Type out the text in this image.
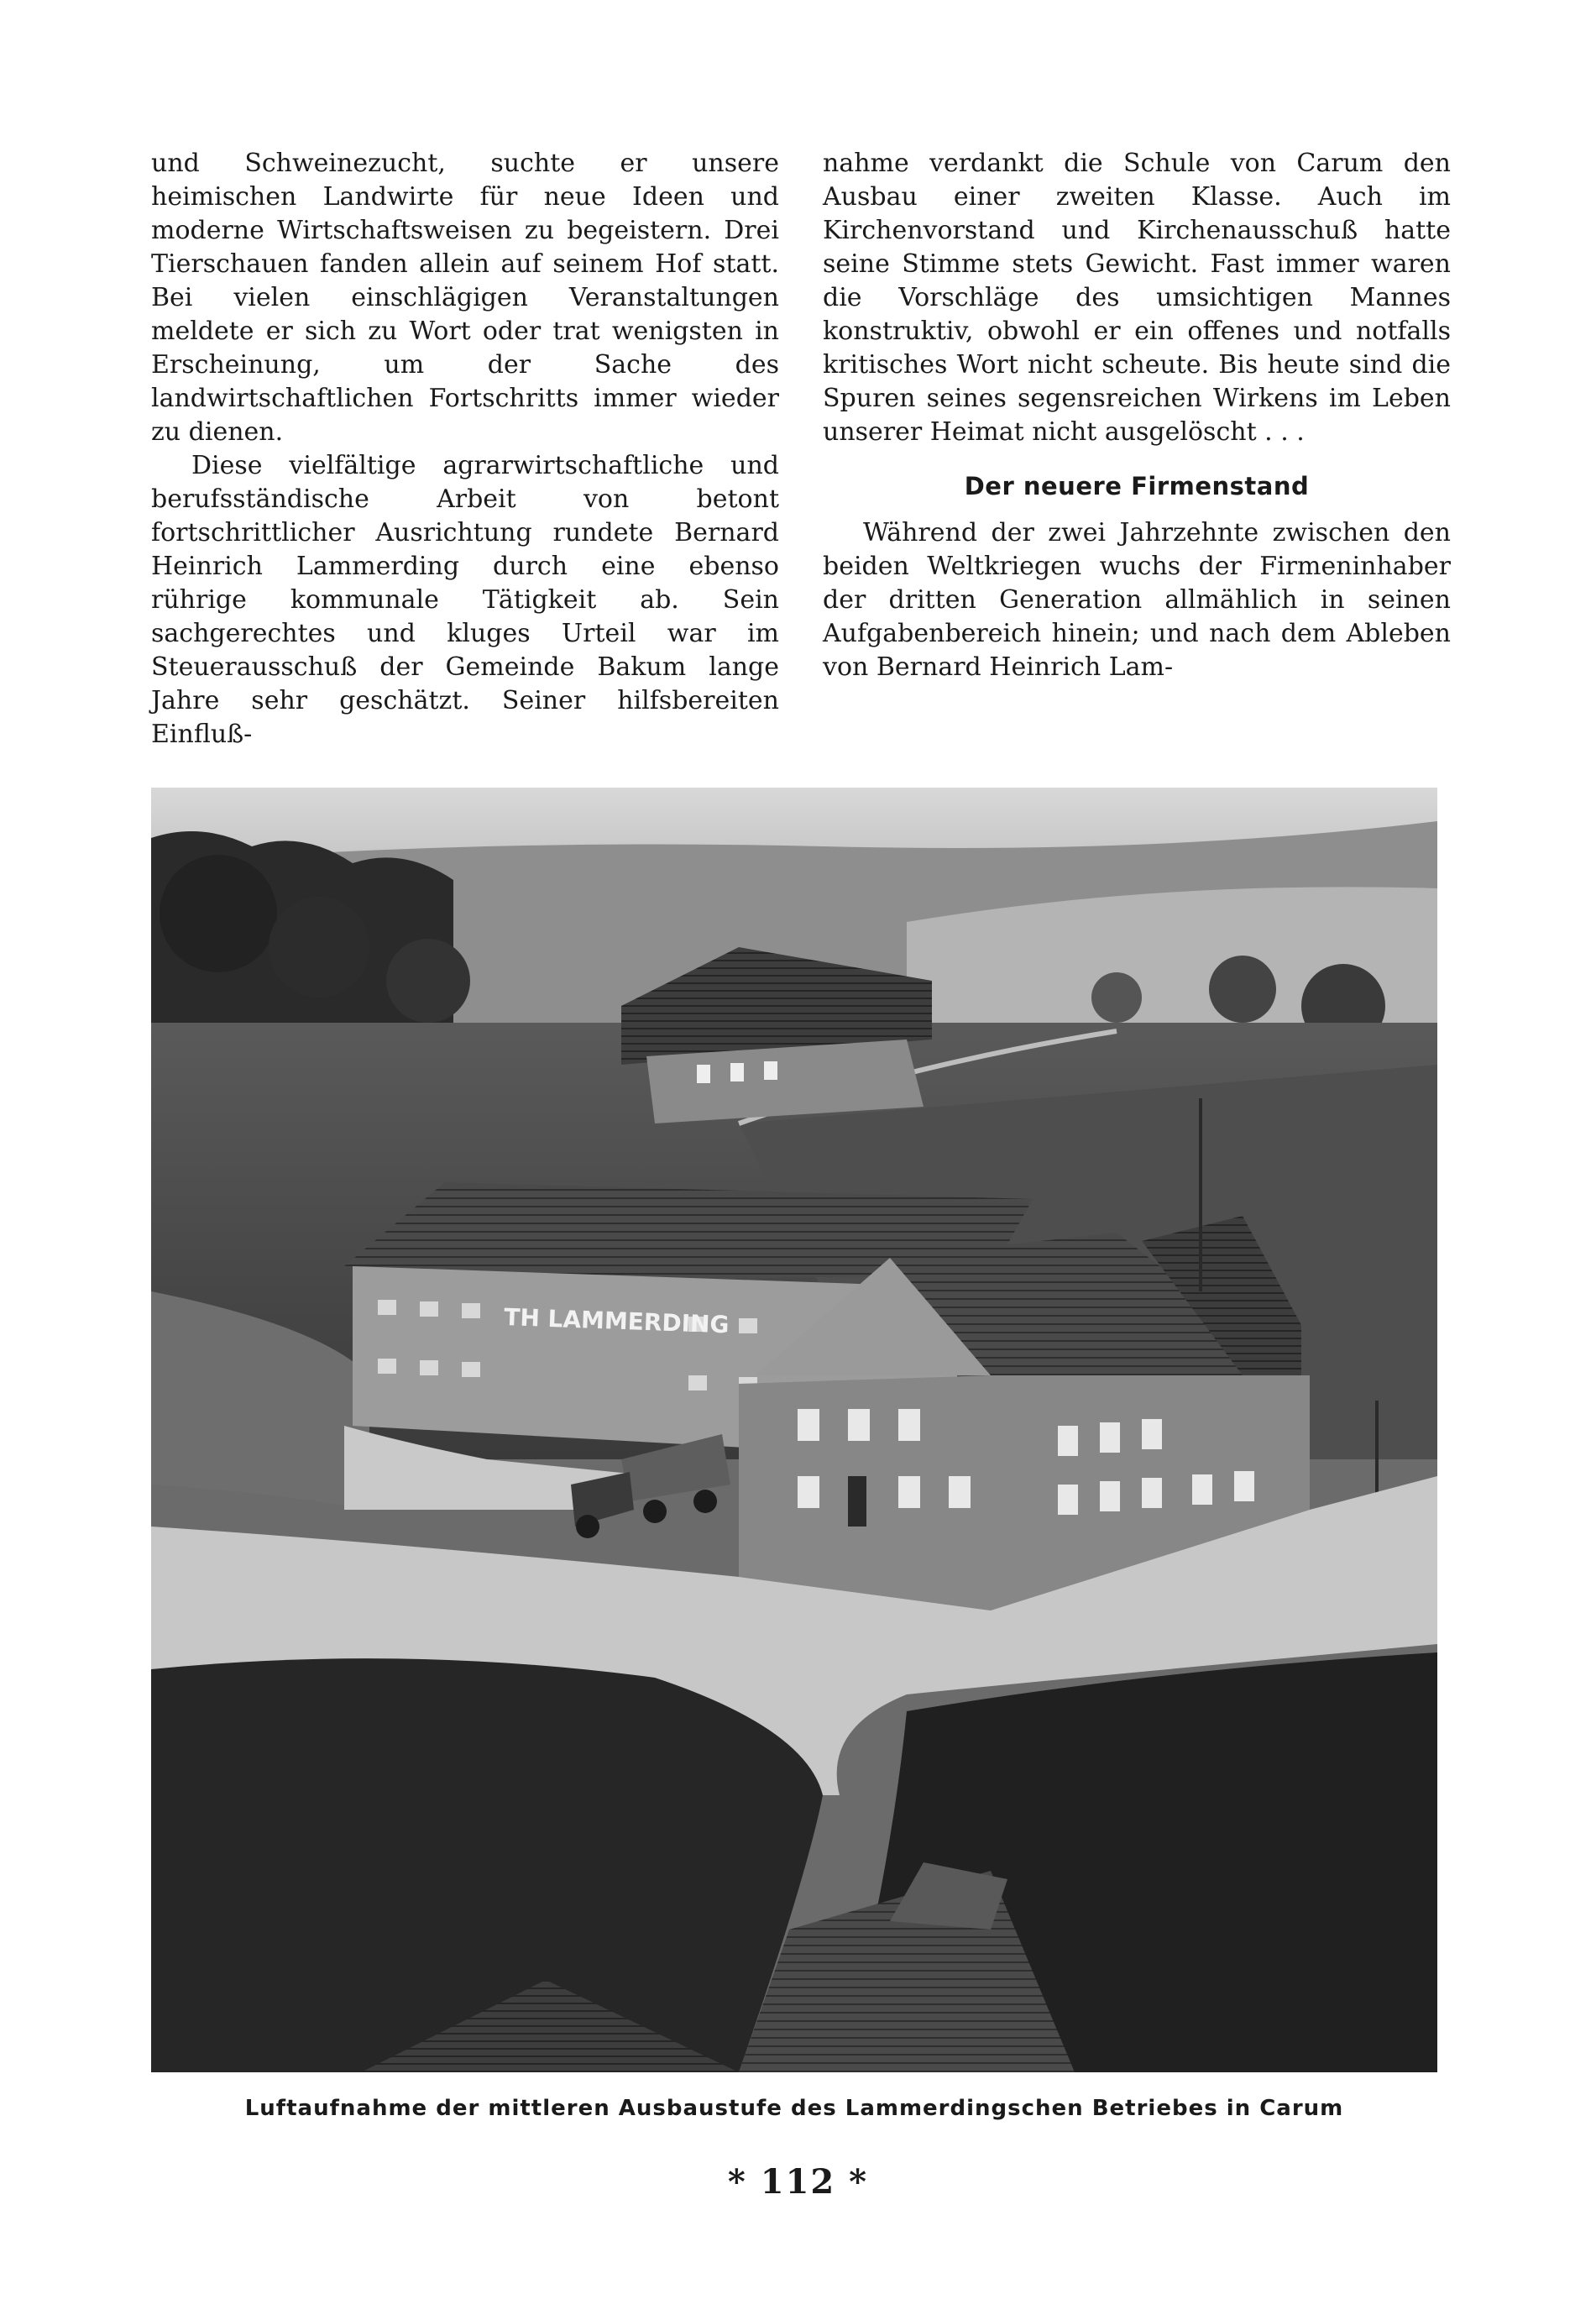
und Schweinezucht, suchte er unsere heimischen Landwirte für neue Ideen und moderne Wirtschaftsweisen zu begeistern. Drei Tierschauen fanden allein auf seinem Hof statt. Bei vielen einschlägigen Veranstaltungen meldete er sich zu Wort oder trat wenigsten in Erscheinung, um der Sache des landwirtschaftlichen Fortschritts immer wieder zu dienen.

Diese vielfältige agrarwirtschaftliche und berufsständische Arbeit von betont fortschrittlicher Ausrichtung rundete Bernard Heinrich Lammerding durch eine ebenso rührige kommunale Tätigkeit ab. Sein sachgerechtes und kluges Urteil war im Steuerausschuß der Gemeinde Bakum lange Jahre sehr geschätzt. Seiner hilfsbereiten Einfluß-

nahme verdankt die Schule von Carum den Ausbau einer zweiten Klasse. Auch im Kirchenvorstand und Kirchenausschuß hatte seine Stimme stets Gewicht. Fast immer waren die Vorschläge des umsichtigen Mannes konstruktiv, obwohl er ein offenes und notfalls kritisches Wort nicht scheute. Bis heute sind die Spuren seines segensreichen Wirkens im Leben unserer Heimat nicht ausgelöscht . . .

Der neuere Firmenstand

Während der zwei Jahrzehnte zwischen den beiden Weltkriegen wuchs der Firmeninhaber der dritten Generation allmählich in seinen Aufgabenbereich hinein; und nach dem Ableben von Bernard Heinrich Lam-

TH LAMMERDING
Luftaufnahme der mittleren Ausbaustufe des Lammerdingschen Betriebes in Carum
* 112 *
